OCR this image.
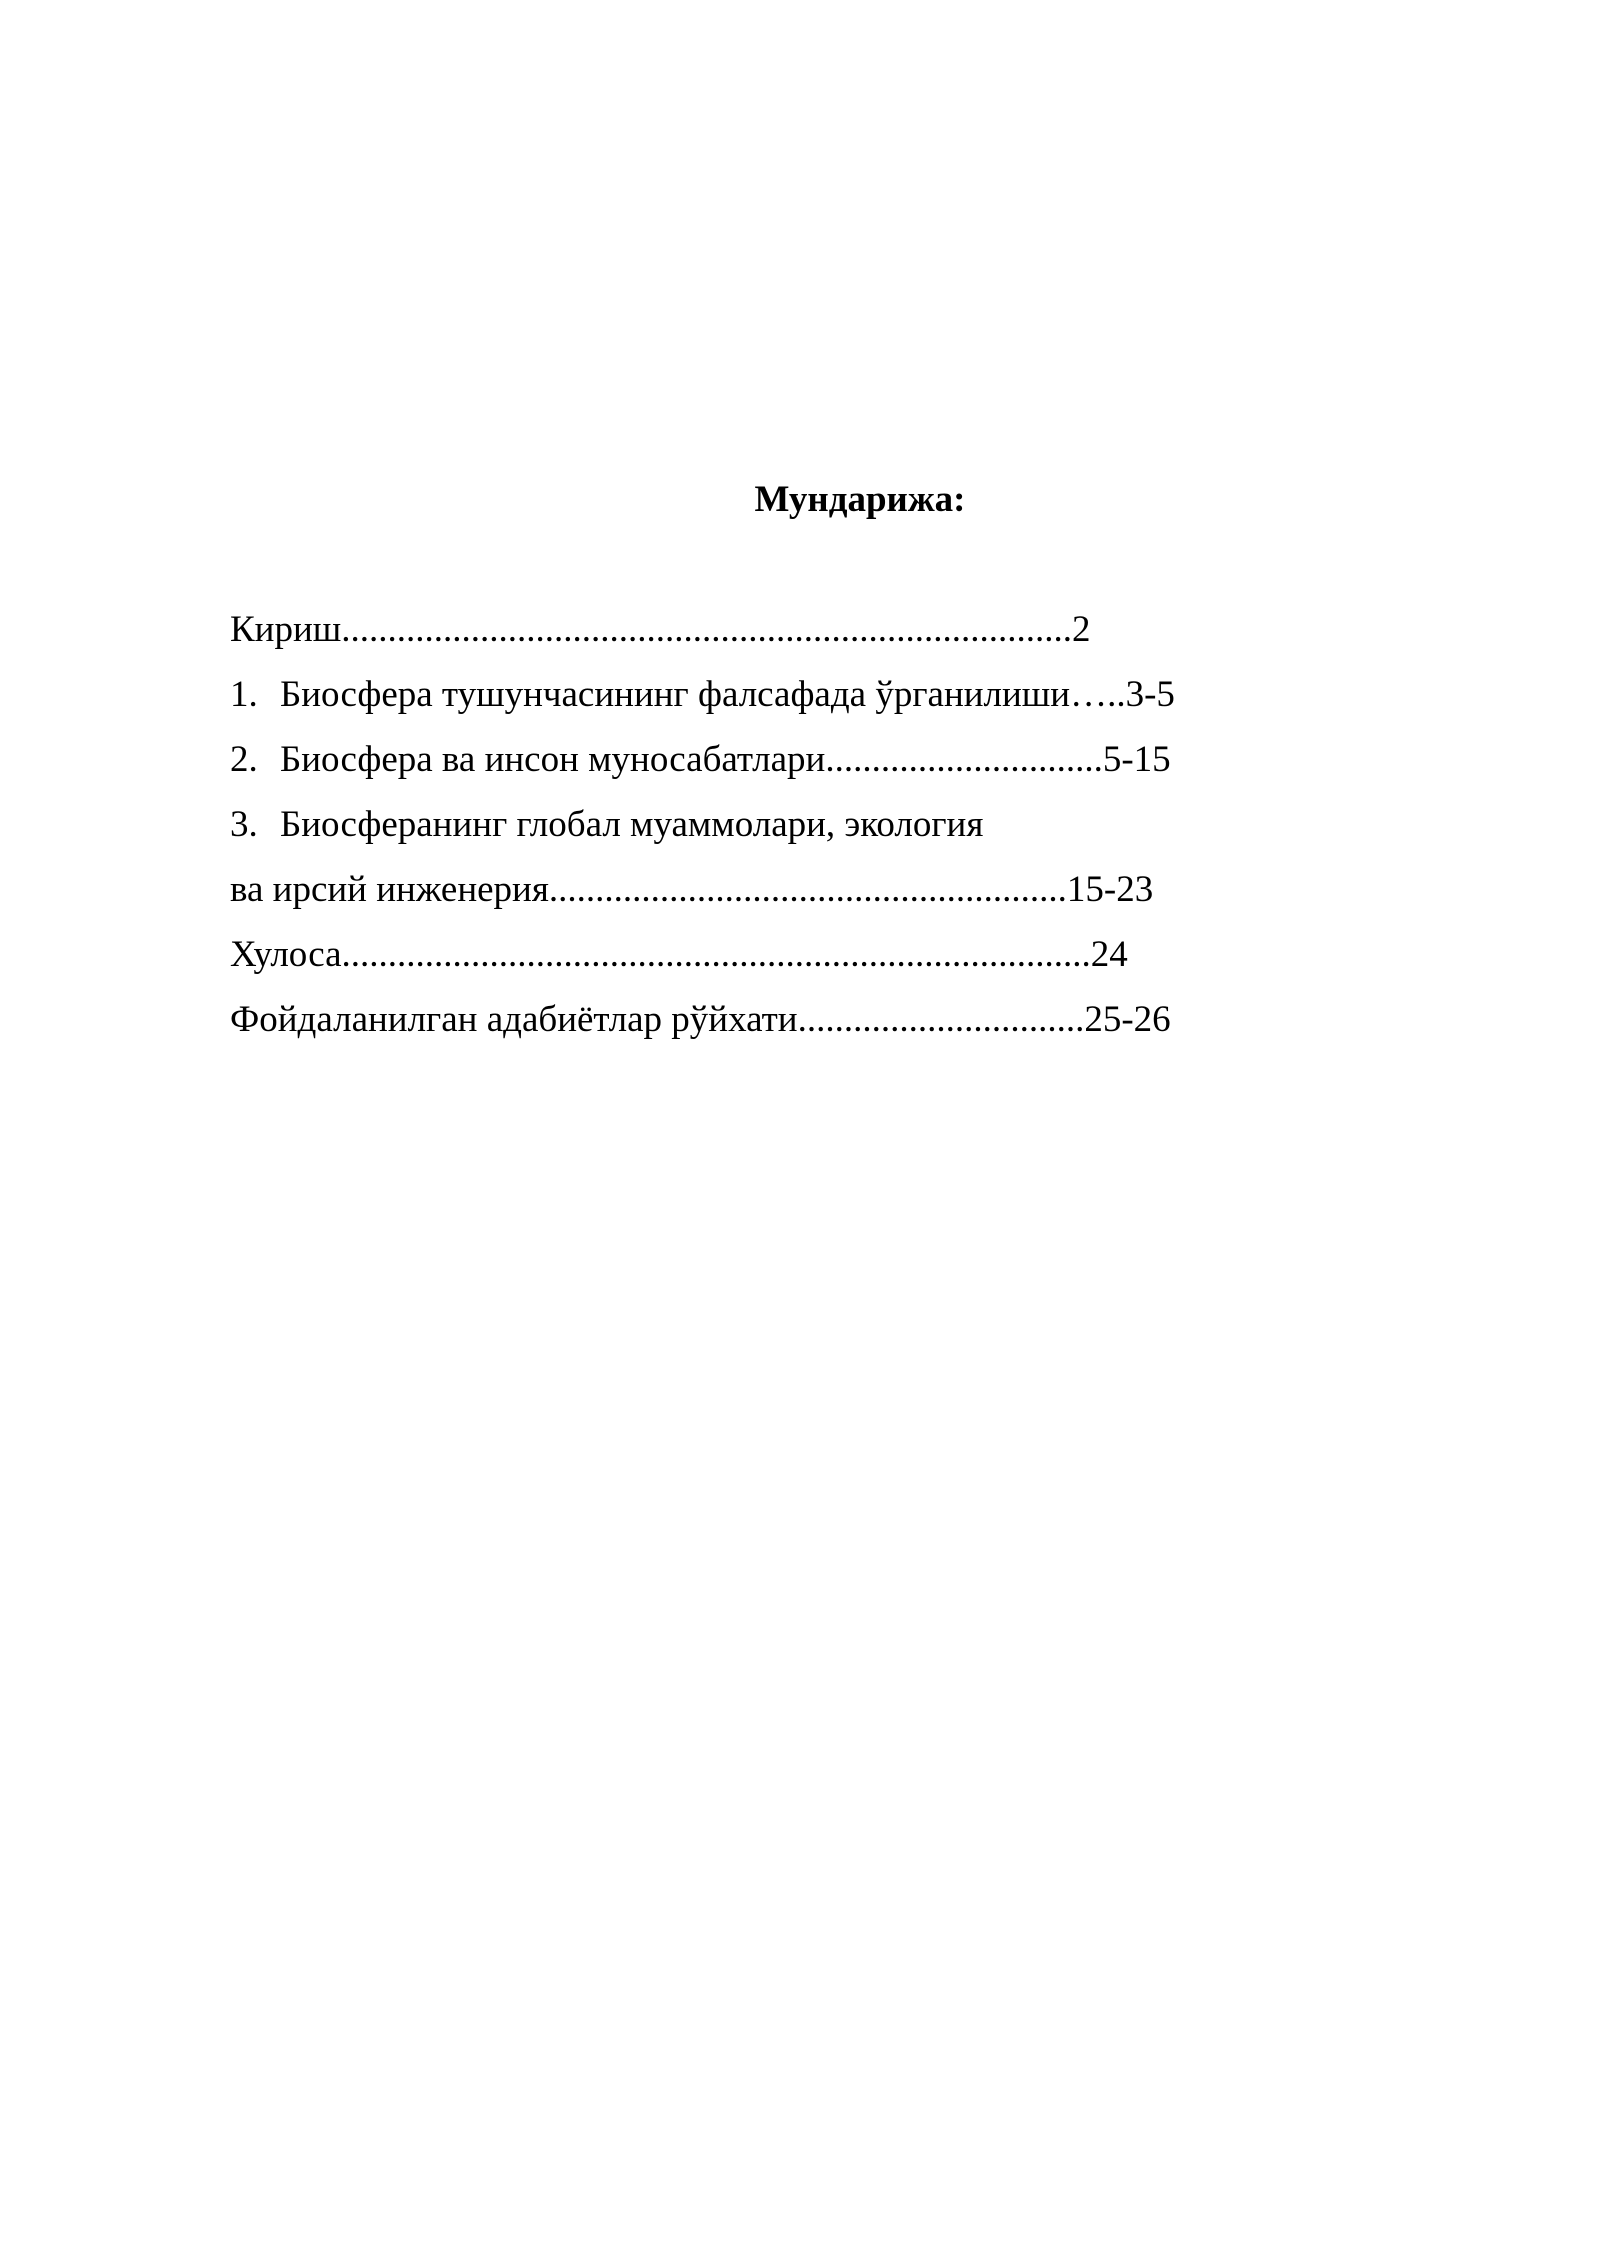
Мундарижа:
Кириш...............................................................................2
1. Биосфера тушунчасининг фалсафада ўрганилиши…..3-5
2. Биосфера ва инсон муносабатлари..............................5-15
3. Биосферанинг глобал муаммолари, экология
ва ирсий инженерия........................................................15-23
Хулоса.................................................................................24
Фойдаланилган адабиётлар рўйхати...............................25-26
